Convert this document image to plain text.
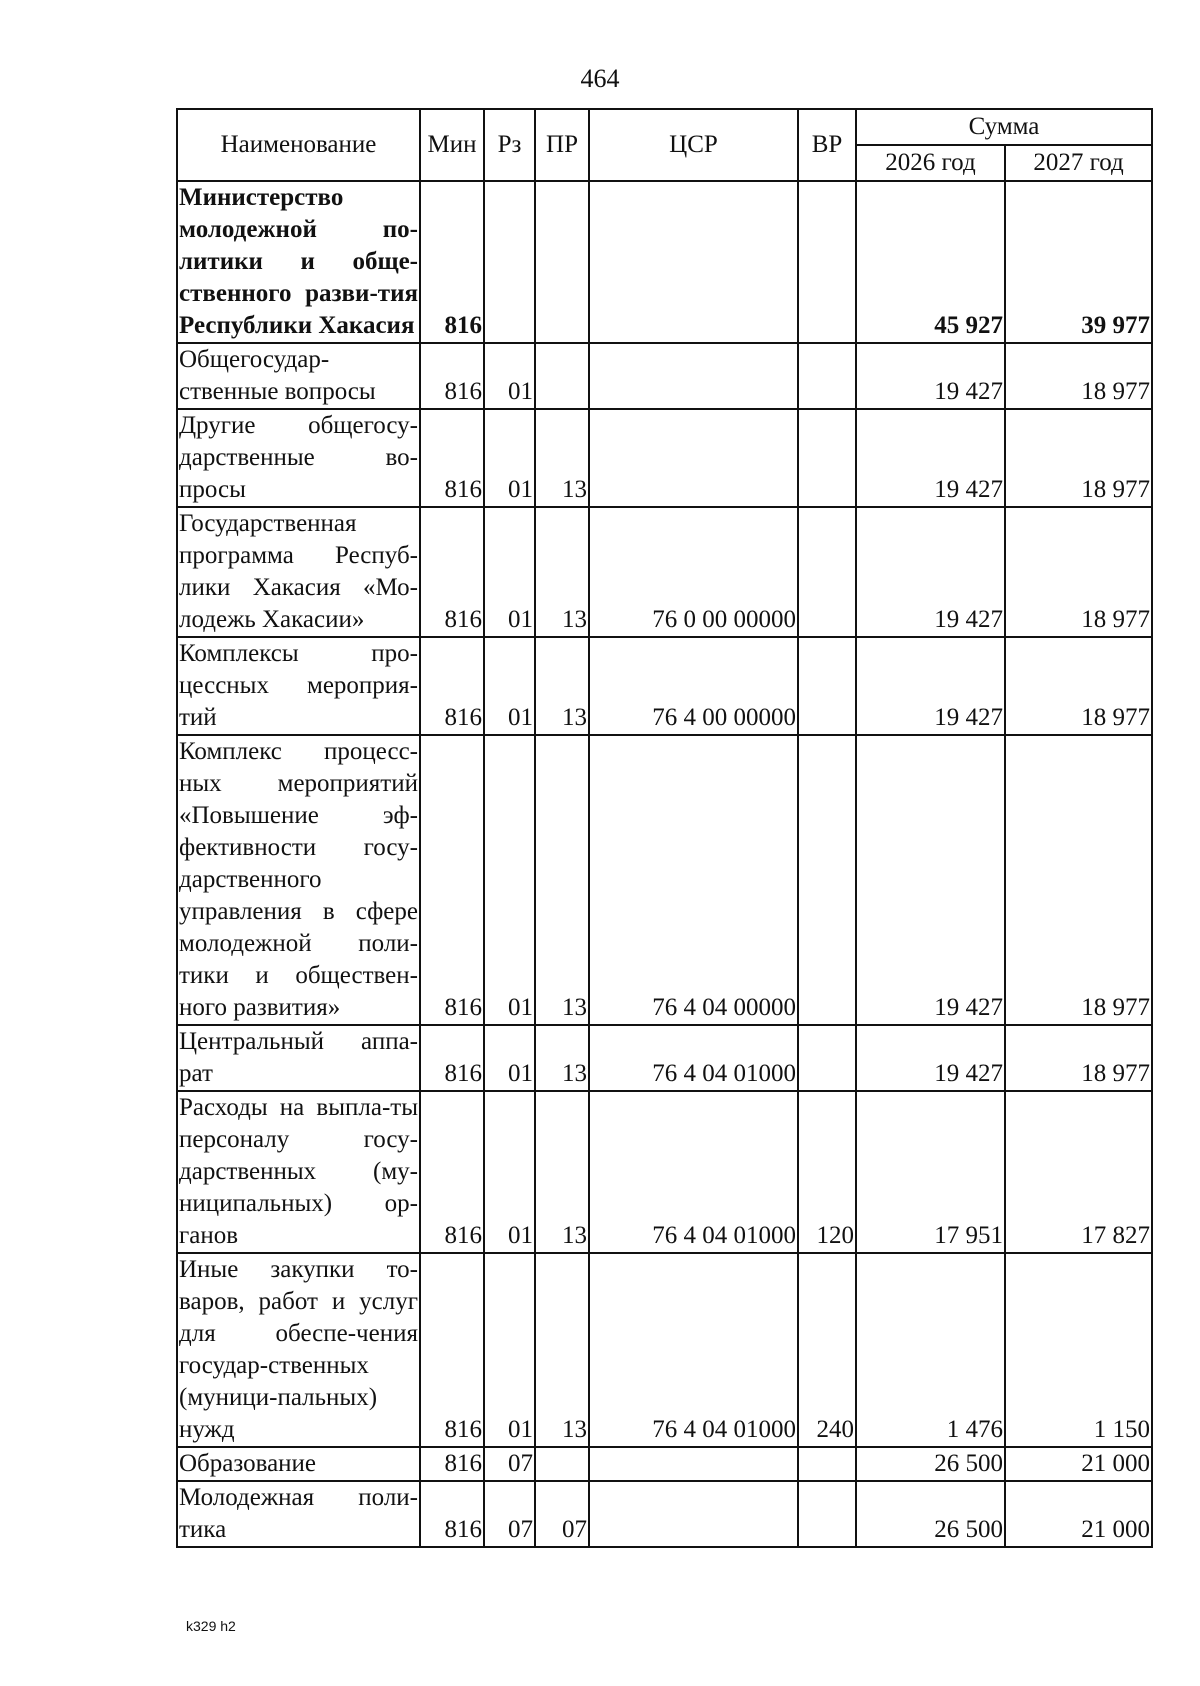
464
Наименование	Мин	Рз	ПР	ЦСР	ВР	Сумма	
						2026 год	2027 год
Министерство молодежной по-литики и обще-ственного разви-тия Республики Хакасия	816					45 927	39 977
Общегосудар-ственные вопросы	816	01				19 427	18 977
Другие общегосу-дарственные во-просы	816	01	13			19 427	18 977
Государственная программа Респуб-лики Хакасия «Мо-лодежь Хакасии»	816	01	13	76 0 00 00000		19 427	18 977
Комплексы про-цессных мероприя-тий	816	01	13	76 4 00 00000		19 427	18 977
Комплекс процесс-ных мероприятий «Повышение эф-фективности госу-дарственного управления в сфере молодежной поли-тики и обществен-ного развития»	816	01	13	76 4 04 00000		19 427	18 977
Центральный аппа-рат	816	01	13	76 4 04 01000		19 427	18 977
Расходы на выпла-ты персоналу госу-дарственных (му-ниципальных) ор-ганов	816	01	13	76 4 04 01000	120	17 951	17 827
Иные закупки то-варов, работ и услуг для обеспе-чения государ-ственных (муници-пальных) нужд	816	01	13	76 4 04 01000	240	1 476	1 150
Образование	816	07				26 500	21 000
Молодежная поли-тика	816	07	07			26 500	21 000
k329 h2
